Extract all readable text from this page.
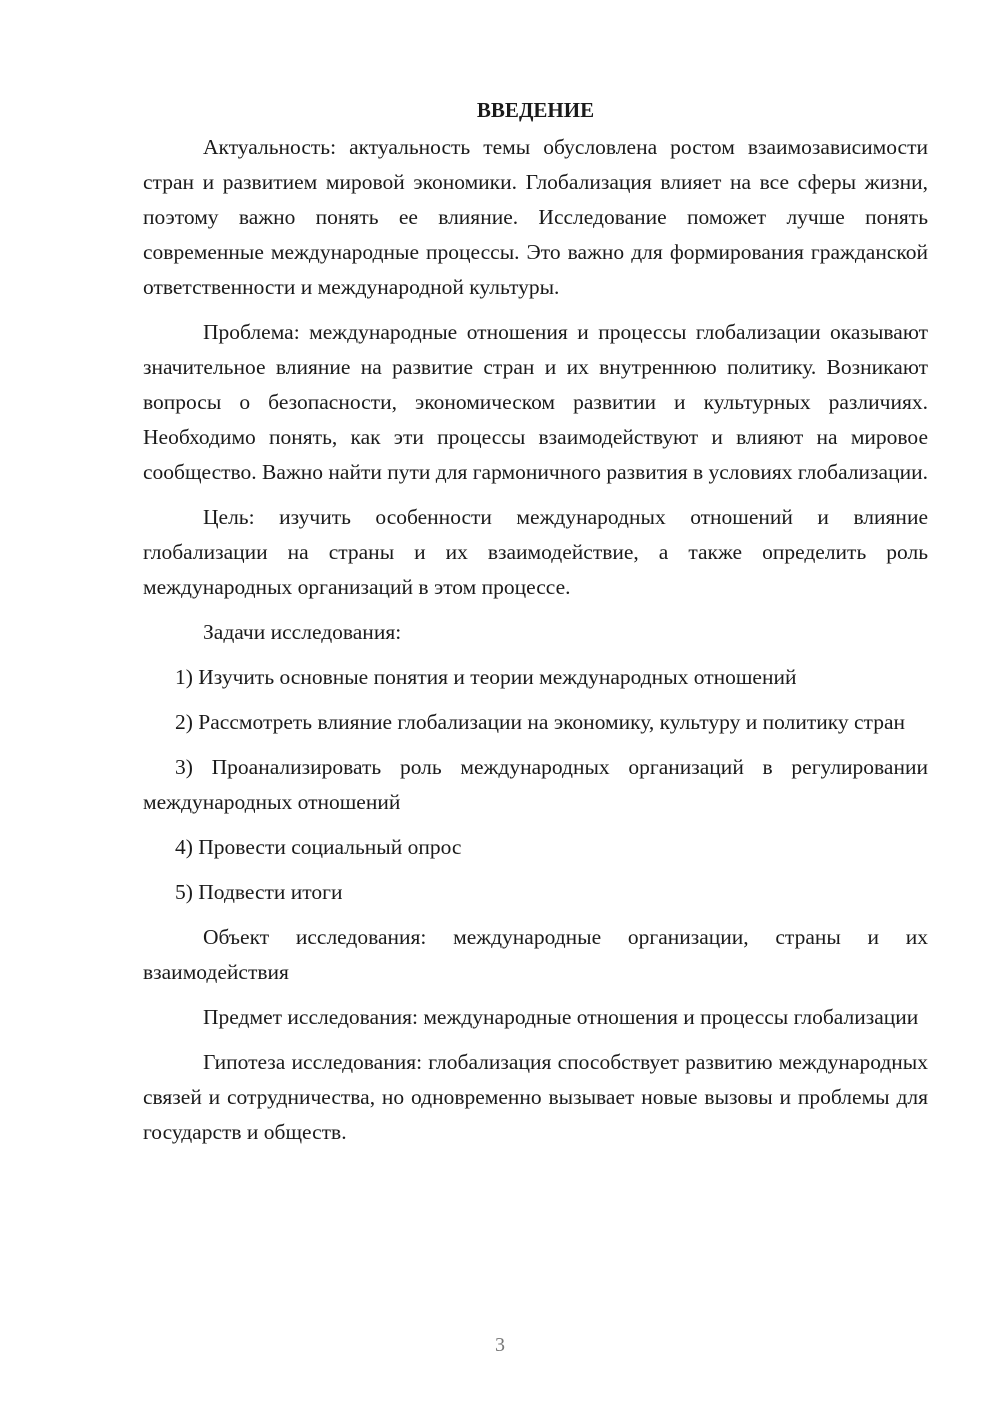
ВВЕДЕНИЕ

Актуальность: актуальность темы обусловлена ростом взаимозависимости стран и развитием мировой экономики. Глобализация влияет на все сферы жизни, поэтому важно понять ее влияние. Исследование поможет лучше понять современные международные процессы. Это важно для формирования гражданской ответственности и международной культуры.

Проблема: международные отношения и процессы глобализации оказывают значительное влияние на развитие стран и их внутреннюю политику. Возникают вопросы о безопасности, экономическом развитии и культурных различиях. Необходимо понять, как эти процессы взаимодействуют и влияют на мировое сообщество. Важно найти пути для гармоничного развития в условиях глобализации.

Цель: изучить особенности международных отношений и влияние глобализации на страны и их взаимодействие, а также определить роль международных организаций в этом процессе.

Задачи исследования:

1) Изучить основные понятия и теории международных отношений

2) Рассмотреть влияние глобализации на экономику, культуру и политику стран

3) Проанализировать роль международных организаций в регулировании международных отношений

4) Провести социальный опрос

5) Подвести итоги

Объект исследования: международные организации, страны и их взаимодействия

Предмет исследования: международные отношения и процессы глобализации

Гипотеза исследования: глобализация способствует развитию международных связей и сотрудничества, но одновременно вызывает новые вызовы и проблемы для государств и обществ.

3
